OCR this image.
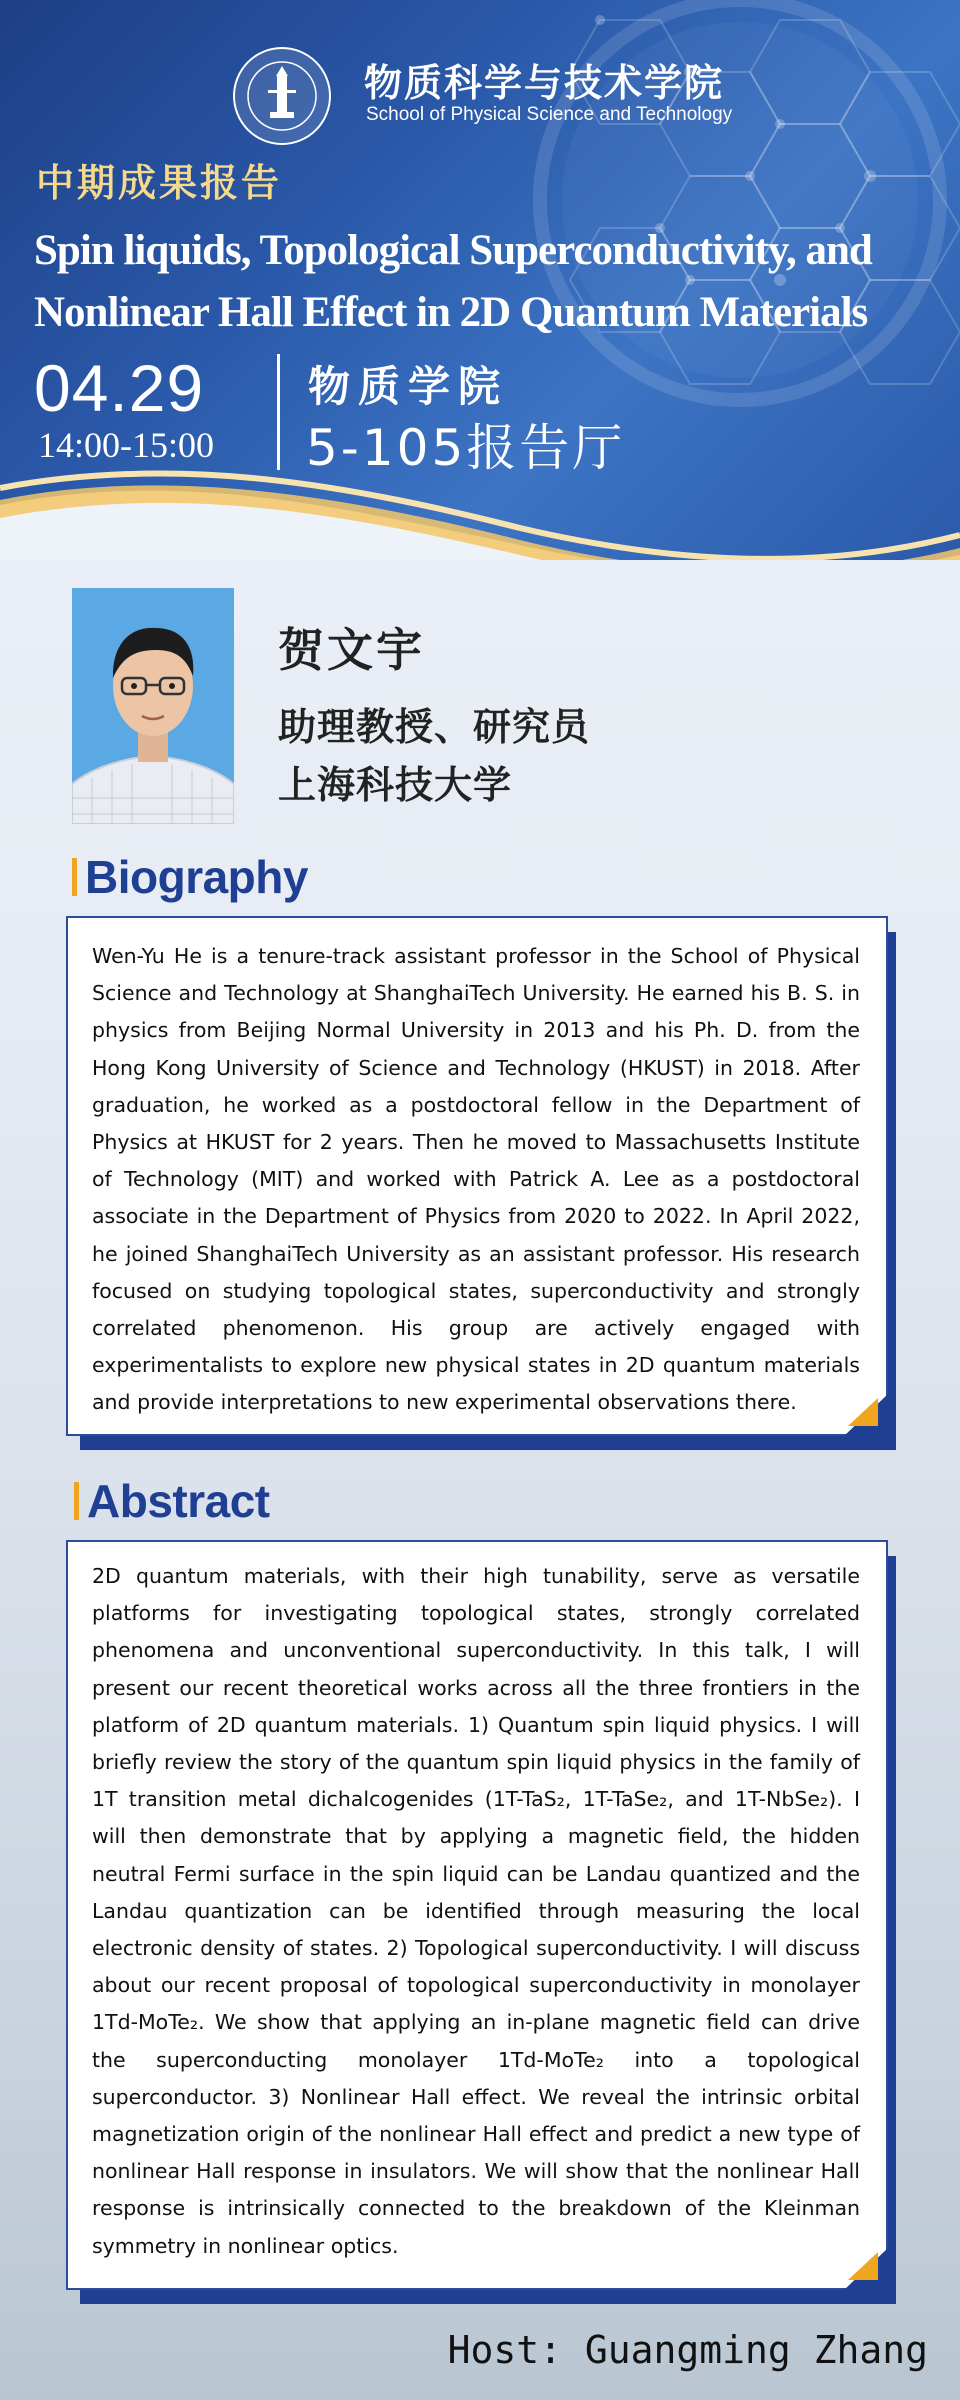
物质科学与技术学院
School of Physical Science and Technology
中期成果报告
Spin liquids, Topological Superconductivity, and
Nonlinear Hall Effect in 2D Quantum Materials
04.29
14:00-15:00
物质学院
5-105报告厅
贺文宇
助理教授、研究员
上海科技大学
Biography
Wen-Yu He is a tenure-track assistant professor in the School of Physical Science and Technology at ShanghaiTech University. He earned his B. S. in physics from Beijing Normal University in 2013 and his Ph. D. from the Hong Kong University of Science and Technology (HKUST) in 2018. After graduation, he worked as a postdoctoral fellow in the Department of Physics at HKUST for 2 years. Then he moved to Massachusetts Institute of Technology (MIT) and worked with Patrick A. Lee as a postdoctoral associate in the Department of Physics from 2020 to 2022. In April 2022, he joined ShanghaiTech University as an assistant professor. His research focused on studying topological states, superconductivity and strongly correlated phenomenon. His group are actively engaged with experimentalists to explore new physical states in 2D quantum materials and provide interpretations to new experimental observations there.
Abstract
2D quantum materials, with their high tunability, serve as versatile platforms for investigating topological states, strongly correlated phenomena and unconventional superconductivity. In this talk, I will present our recent theoretical works across all the three frontiers in the platform of 2D quantum materials. 1) Quantum spin liquid physics. I will briefly review the story of the quantum spin liquid physics in the family of 1T transition metal dichalcogenides (1T-TaS₂, 1T-TaSe₂, and 1T-NbSe₂). I will then demonstrate that by applying a magnetic field, the hidden neutral Fermi surface in the spin liquid can be Landau quantized and the Landau quantization can be identified through measuring the local electronic density of states. 2) Topological superconductivity. I will discuss about our recent proposal of topological superconductivity in monolayer 1Td-MoTe₂. We show that applying an in-plane magnetic field can drive the superconducting monolayer 1Td-MoTe₂ into a topological superconductor. 3) Nonlinear Hall effect. We reveal the intrinsic orbital magnetization origin of the nonlinear Hall effect and predict a new type of nonlinear Hall response in insulators. We will show that the nonlinear Hall response is intrinsically connected to the breakdown of the Kleinman symmetry in nonlinear optics.
Host: Guangming Zhang
